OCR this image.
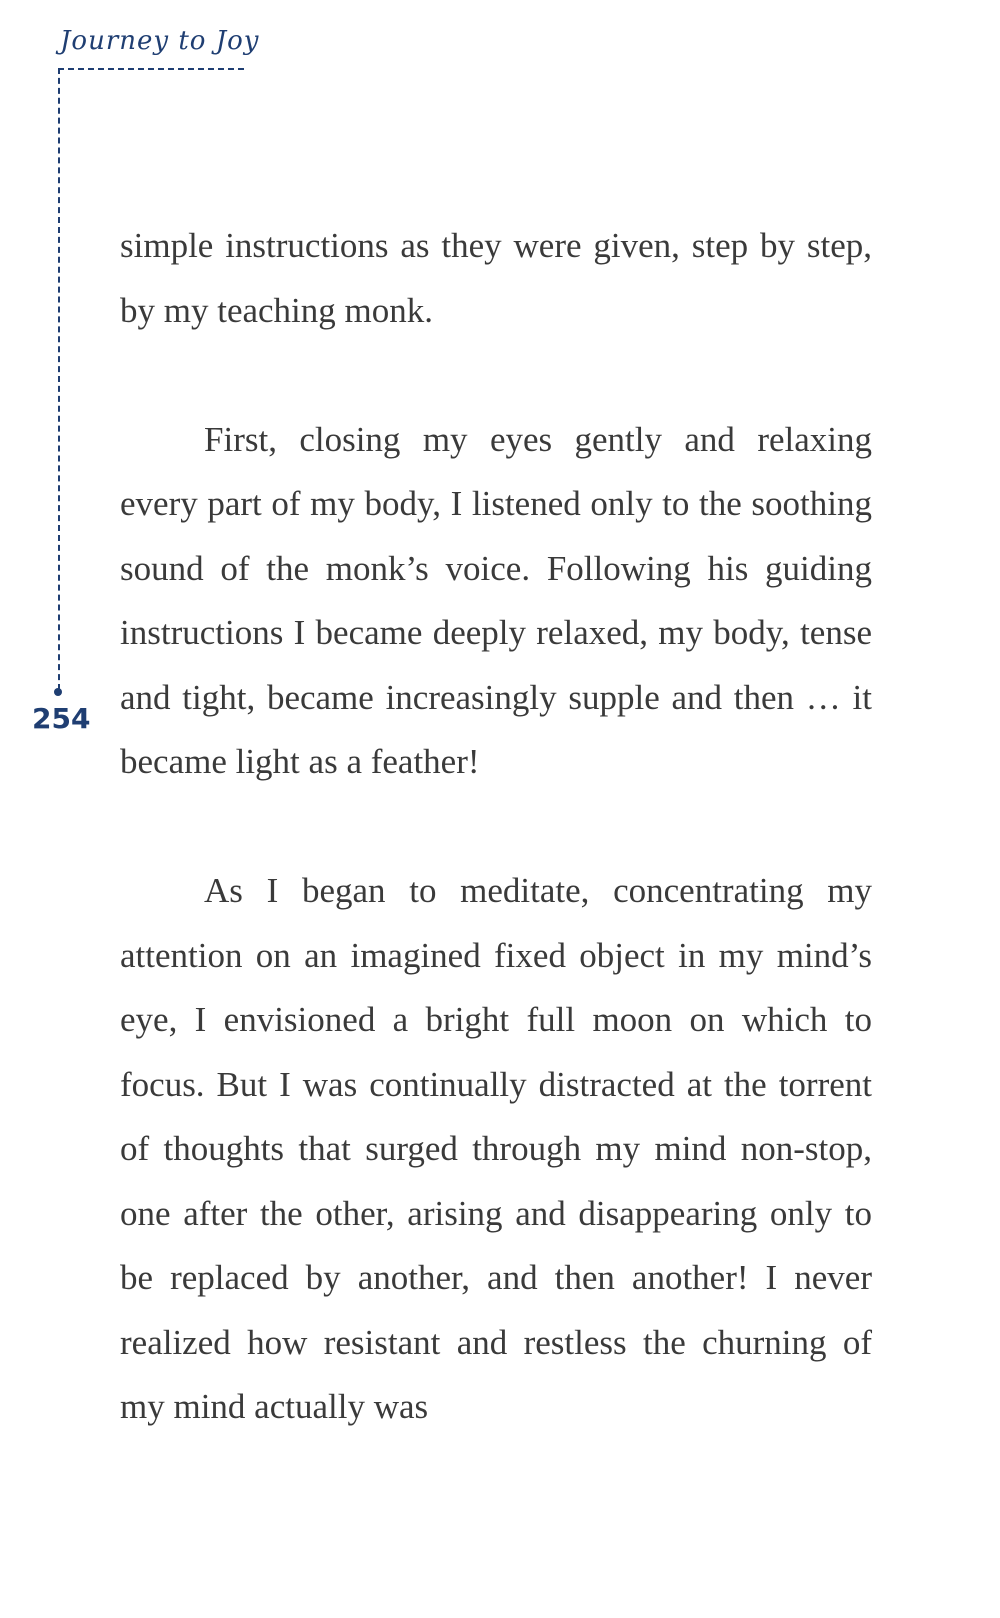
Journey to Joy
254

simple instructions as they were given, step by step, by my teaching monk.

First, closing my eyes gently and relaxing every part of my body, I listened only to the soothing sound of the monk’s voice. Following his guiding instructions I became deeply relaxed, my body, tense and tight, became increasingly supple and then … it became light as a feather!

As I began to meditate, concentrating my attention on an imagined fixed object in my mind’s eye, I envisioned a bright full moon on which to focus. But I was continually distracted at the torrent of thoughts that surged through my mind non-stop, one after the other, arising and disappearing only to be replaced by another, and then another! I never realized how resistant and restless the churning of my mind actually was
